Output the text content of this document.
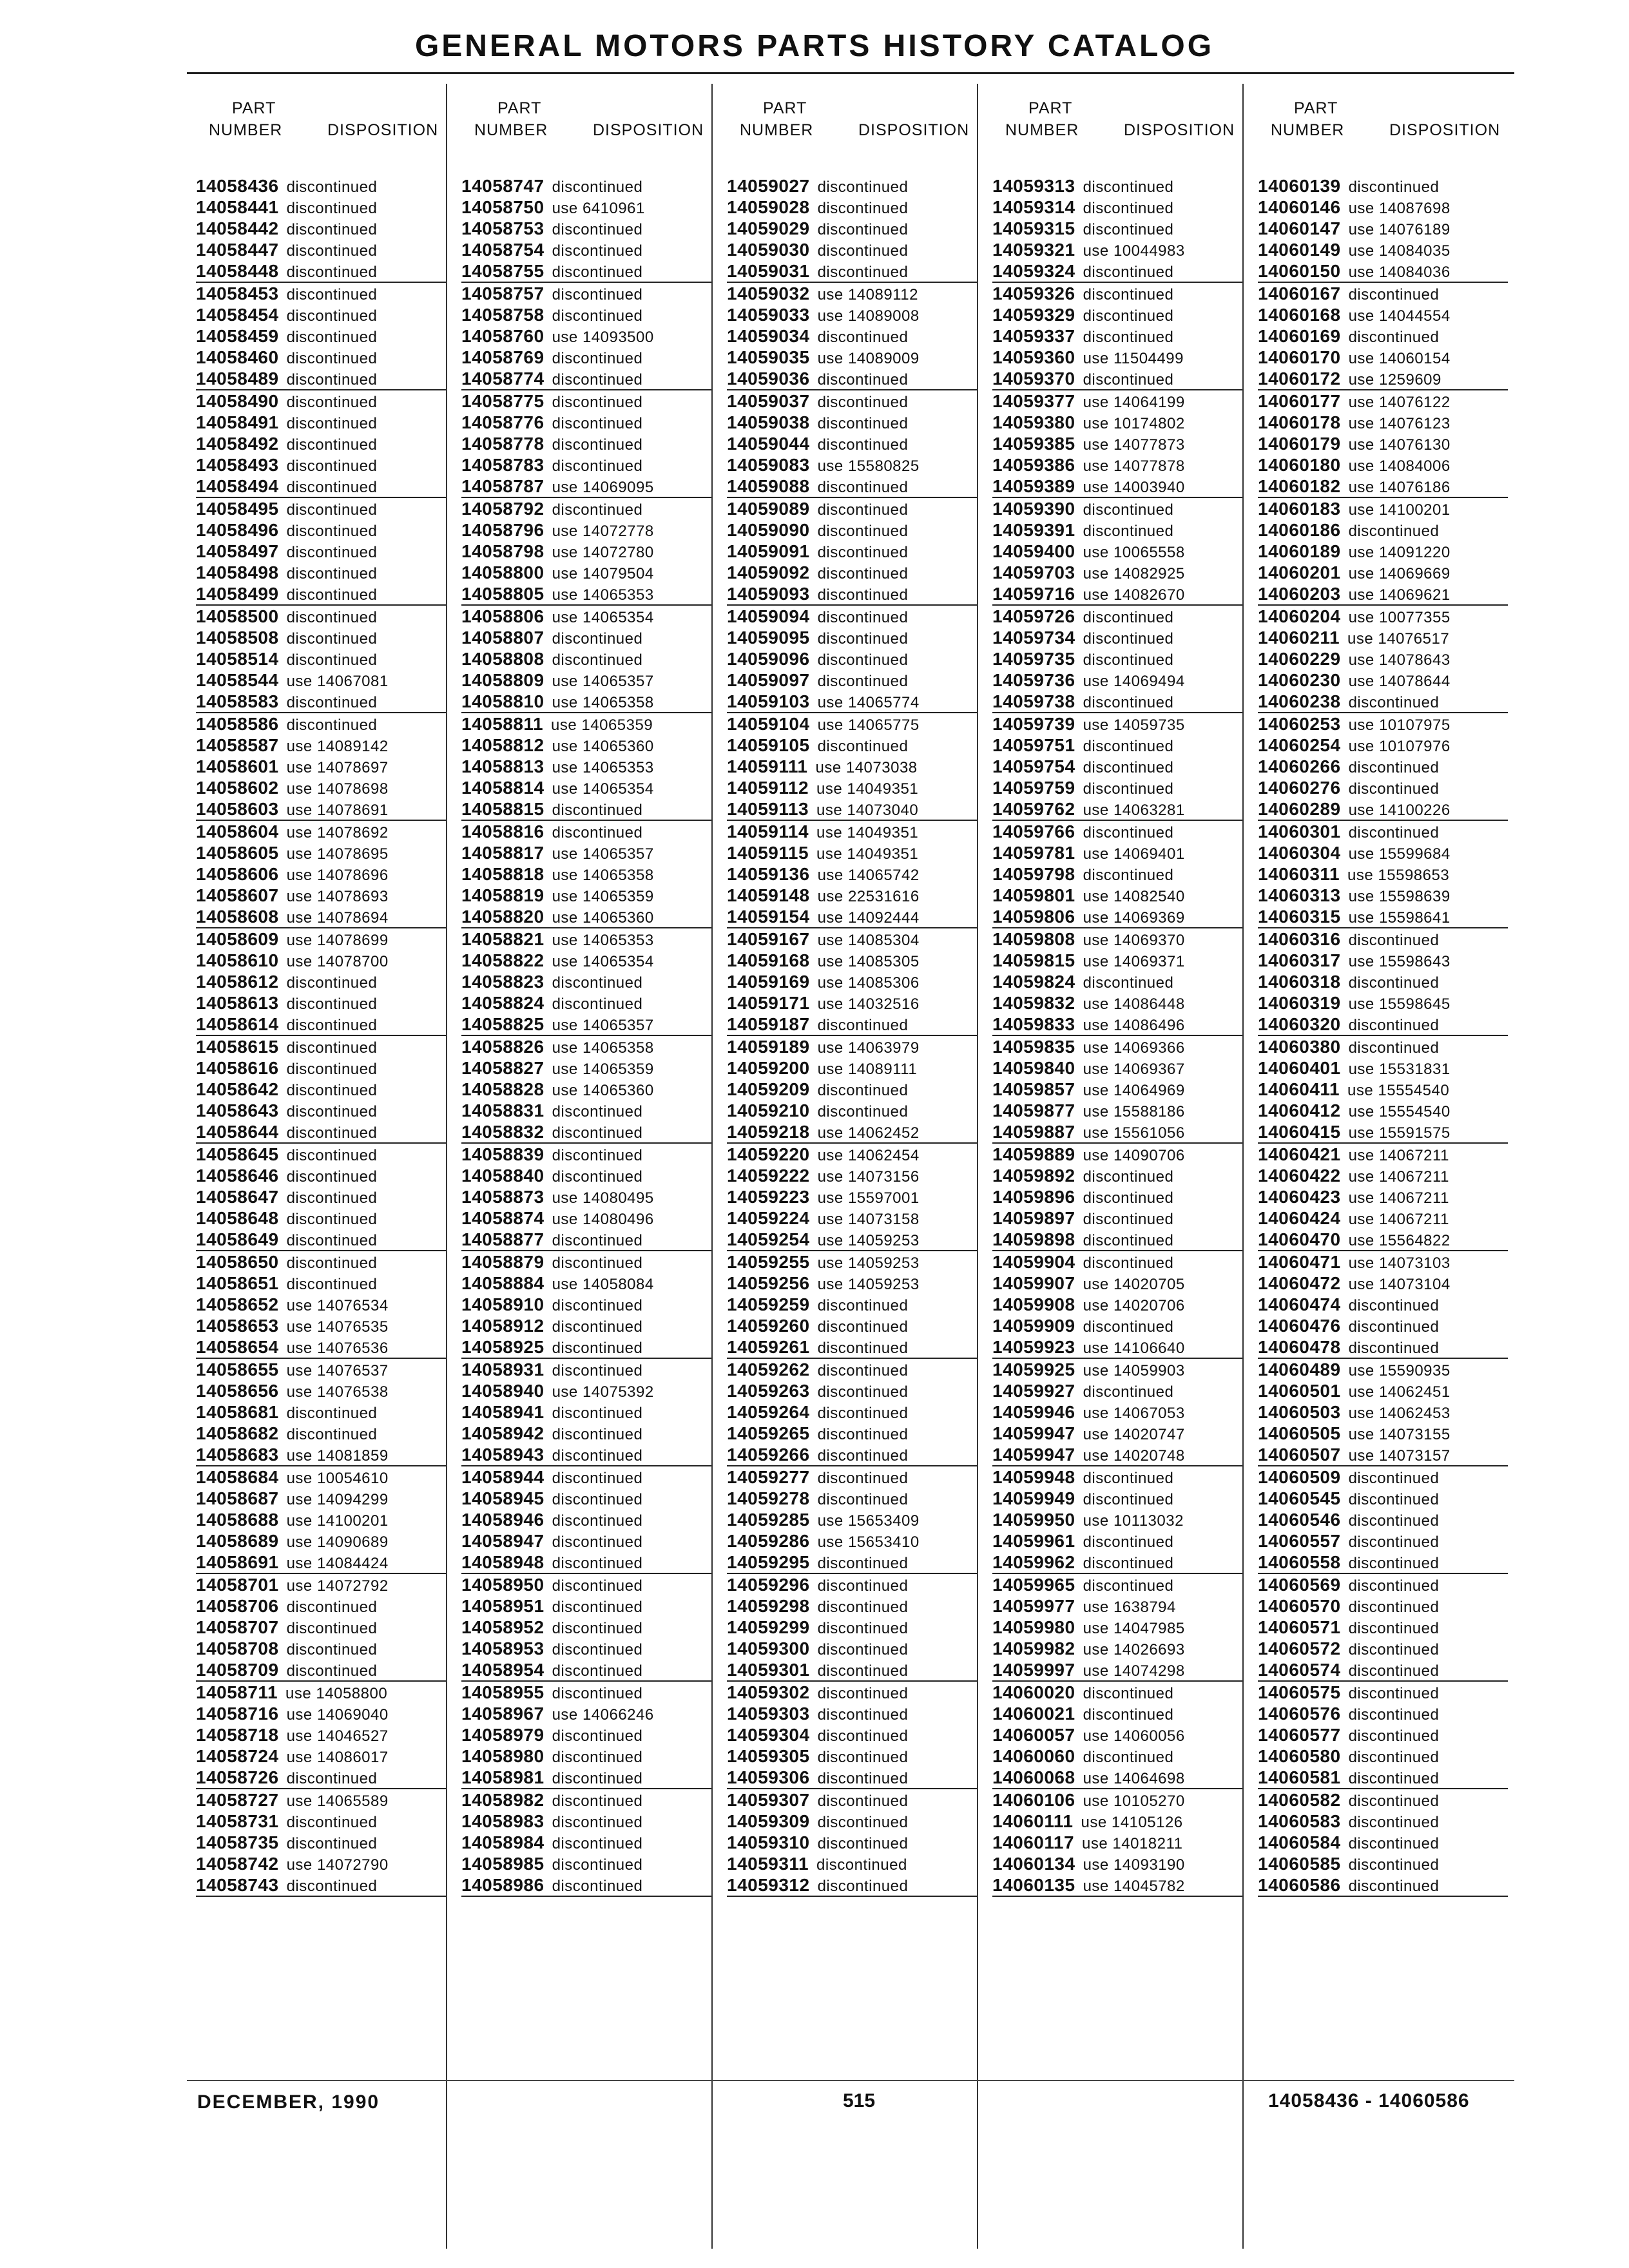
GENERAL MOTORS PARTS HISTORY CATALOG
PART
NUMBER	DISPOSITION
14058436 discontinued
14058441 discontinued
14058442 discontinued
14058447 discontinued
14058448 discontinued
14058453 discontinued
14058454 discontinued
14058459 discontinued
14058460 discontinued
14058489 discontinued
14058490 discontinued
14058491 discontinued
14058492 discontinued
14058493 discontinued
14058494 discontinued
14058495 discontinued
14058496 discontinued
14058497 discontinued
14058498 discontinued
14058499 discontinued
14058500 discontinued
14058508 discontinued
14058514 discontinued
14058544 use 14067081
14058583 discontinued
14058586 discontinued
14058587 use 14089142
14058601 use 14078697
14058602 use 14078698
14058603 use 14078691
14058604 use 14078692
14058605 use 14078695
14058606 use 14078696
14058607 use 14078693
14058608 use 14078694
14058609 use 14078699
14058610 use 14078700
14058612 discontinued
14058613 discontinued
14058614 discontinued
14058615 discontinued
14058616 discontinued
14058642 discontinued
14058643 discontinued
14058644 discontinued
14058645 discontinued
14058646 discontinued
14058647 discontinued
14058648 discontinued
14058649 discontinued
14058650 discontinued
14058651 discontinued
14058652 use 14076534
14058653 use 14076535
14058654 use 14076536
14058655 use 14076537
14058656 use 14076538
14058681 discontinued
14058682 discontinued
14058683 use 14081859
14058684 use 10054610
14058687 use 14094299
14058688 use 14100201
14058689 use 14090689
14058691 use 14084424
14058701 use 14072792
14058706 discontinued
14058707 discontinued
14058708 discontinued
14058709 discontinued
14058711 use 14058800
14058716 use 14069040
14058718 use 14046527
14058724 use 14086017
14058726 discontinued
14058727 use 14065589
14058731 discontinued
14058735 discontinued
14058742 use 14072790
14058743 discontinued
PART
NUMBER	DISPOSITION
14058747 discontinued
14058750 use 6410961
14058753 discontinued
14058754 discontinued
14058755 discontinued
14058757 discontinued
14058758 discontinued
14058760 use 14093500
14058769 discontinued
14058774 discontinued
14058775 discontinued
14058776 discontinued
14058778 discontinued
14058783 discontinued
14058787 use 14069095
14058792 discontinued
14058796 use 14072778
14058798 use 14072780
14058800 use 14079504
14058805 use 14065353
14058806 use 14065354
14058807 discontinued
14058808 discontinued
14058809 use 14065357
14058810 use 14065358
14058811 use 14065359
14058812 use 14065360
14058813 use 14065353
14058814 use 14065354
14058815 discontinued
14058816 discontinued
14058817 use 14065357
14058818 use 14065358
14058819 use 14065359
14058820 use 14065360
14058821 use 14065353
14058822 use 14065354
14058823 discontinued
14058824 discontinued
14058825 use 14065357
14058826 use 14065358
14058827 use 14065359
14058828 use 14065360
14058831 discontinued
14058832 discontinued
14058839 discontinued
14058840 discontinued
14058873 use 14080495
14058874 use 14080496
14058877 discontinued
14058879 discontinued
14058884 use 14058084
14058910 discontinued
14058912 discontinued
14058925 discontinued
14058931 discontinued
14058940 use 14075392
14058941 discontinued
14058942 discontinued
14058943 discontinued
14058944 discontinued
14058945 discontinued
14058946 discontinued
14058947 discontinued
14058948 discontinued
14058950 discontinued
14058951 discontinued
14058952 discontinued
14058953 discontinued
14058954 discontinued
14058955 discontinued
14058967 use 14066246
14058979 discontinued
14058980 discontinued
14058981 discontinued
14058982 discontinued
14058983 discontinued
14058984 discontinued
14058985 discontinued
14058986 discontinued
PART
NUMBER	DISPOSITION
14059027 discontinued
14059028 discontinued
14059029 discontinued
14059030 discontinued
14059031 discontinued
14059032 use 14089112
14059033 use 14089008
14059034 discontinued
14059035 use 14089009
14059036 discontinued
14059037 discontinued
14059038 discontinued
14059044 discontinued
14059083 use 15580825
14059088 discontinued
14059089 discontinued
14059090 discontinued
14059091 discontinued
14059092 discontinued
14059093 discontinued
14059094 discontinued
14059095 discontinued
14059096 discontinued
14059097 discontinued
14059103 use 14065774
14059104 use 14065775
14059105 discontinued
14059111 use 14073038
14059112 use 14049351
14059113 use 14073040
14059114 use 14049351
14059115 use 14049351
14059136 use 14065742
14059148 use 22531616
14059154 use 14092444
14059167 use 14085304
14059168 use 14085305
14059169 use 14085306
14059171 use 14032516
14059187 discontinued
14059189 use 14063979
14059200 use 14089111
14059209 discontinued
14059210 discontinued
14059218 use 14062452
14059220 use 14062454
14059222 use 14073156
14059223 use 15597001
14059224 use 14073158
14059254 use 14059253
14059255 use 14059253
14059256 use 14059253
14059259 discontinued
14059260 discontinued
14059261 discontinued
14059262 discontinued
14059263 discontinued
14059264 discontinued
14059265 discontinued
14059266 discontinued
14059277 discontinued
14059278 discontinued
14059285 use 15653409
14059286 use 15653410
14059295 discontinued
14059296 discontinued
14059298 discontinued
14059299 discontinued
14059300 discontinued
14059301 discontinued
14059302 discontinued
14059303 discontinued
14059304 discontinued
14059305 discontinued
14059306 discontinued
14059307 discontinued
14059309 discontinued
14059310 discontinued
14059311 discontinued
14059312 discontinued
PART
NUMBER	DISPOSITION
14059313 discontinued
14059314 discontinued
14059315 discontinued
14059321 use 10044983
14059324 discontinued
14059326 discontinued
14059329 discontinued
14059337 discontinued
14059360 use 11504499
14059370 discontinued
14059377 use 14064199
14059380 use 10174802
14059385 use 14077873
14059386 use 14077878
14059389 use 14003940
14059390 discontinued
14059391 discontinued
14059400 use 10065558
14059703 use 14082925
14059716 use 14082670
14059726 discontinued
14059734 discontinued
14059735 discontinued
14059736 use 14069494
14059738 discontinued
14059739 use 14059735
14059751 discontinued
14059754 discontinued
14059759 discontinued
14059762 use 14063281
14059766 discontinued
14059781 use 14069401
14059798 discontinued
14059801 use 14082540
14059806 use 14069369
14059808 use 14069370
14059815 use 14069371
14059824 discontinued
14059832 use 14086448
14059833 use 14086496
14059835 use 14069366
14059840 use 14069367
14059857 use 14064969
14059877 use 15588186
14059887 use 15561056
14059889 use 14090706
14059892 discontinued
14059896 discontinued
14059897 discontinued
14059898 discontinued
14059904 discontinued
14059907 use 14020705
14059908 use 14020706
14059909 discontinued
14059923 use 14106640
14059925 use 14059903
14059927 discontinued
14059946 use 14067053
14059947 use 14020747
14059947 use 14020748
14059948 discontinued
14059949 discontinued
14059950 use 10113032
14059961 discontinued
14059962 discontinued
14059965 discontinued
14059977 use 1638794
14059980 use 14047985
14059982 use 14026693
14059997 use 14074298
14060020 discontinued
14060021 discontinued
14060057 use 14060056
14060060 discontinued
14060068 use 14064698
14060106 use 10105270
14060111 use 14105126
14060117 use 14018211
14060134 use 14093190
14060135 use 14045782
PART
NUMBER	DISPOSITION
14060139 discontinued
14060146 use 14087698
14060147 use 14076189
14060149 use 14084035
14060150 use 14084036
14060167 discontinued
14060168 use 14044554
14060169 discontinued
14060170 use 14060154
14060172 use 1259609
14060177 use 14076122
14060178 use 14076123
14060179 use 14076130
14060180 use 14084006
14060182 use 14076186
14060183 use 14100201
14060186 discontinued
14060189 use 14091220
14060201 use 14069669
14060203 use 14069621
14060204 use 10077355
14060211 use 14076517
14060229 use 14078643
14060230 use 14078644
14060238 discontinued
14060253 use 10107975
14060254 use 10107976
14060266 discontinued
14060276 discontinued
14060289 use 14100226
14060301 discontinued
14060304 use 15599684
14060311 use 15598653
14060313 use 15598639
14060315 use 15598641
14060316 discontinued
14060317 use 15598643
14060318 discontinued
14060319 use 15598645
14060320 discontinued
14060380 discontinued
14060401 use 15531831
14060411 use 15554540
14060412 use 15554540
14060415 use 15591575
14060421 use 14067211
14060422 use 14067211
14060423 use 14067211
14060424 use 14067211
14060470 use 15564822
14060471 use 14073103
14060472 use 14073104
14060474 discontinued
14060476 discontinued
14060478 discontinued
14060489 use 15590935
14060501 use 14062451
14060503 use 14062453
14060505 use 14073155
14060507 use 14073157
14060509 discontinued
14060545 discontinued
14060546 discontinued
14060557 discontinued
14060558 discontinued
14060569 discontinued
14060570 discontinued
14060571 discontinued
14060572 discontinued
14060574 discontinued
14060575 discontinued
14060576 discontinued
14060577 discontinued
14060580 discontinued
14060581 discontinued
14060582 discontinued
14060583 discontinued
14060584 discontinued
14060585 discontinued
14060586 discontinued
DECEMBER, 1990	515	14058436 - 14060586
